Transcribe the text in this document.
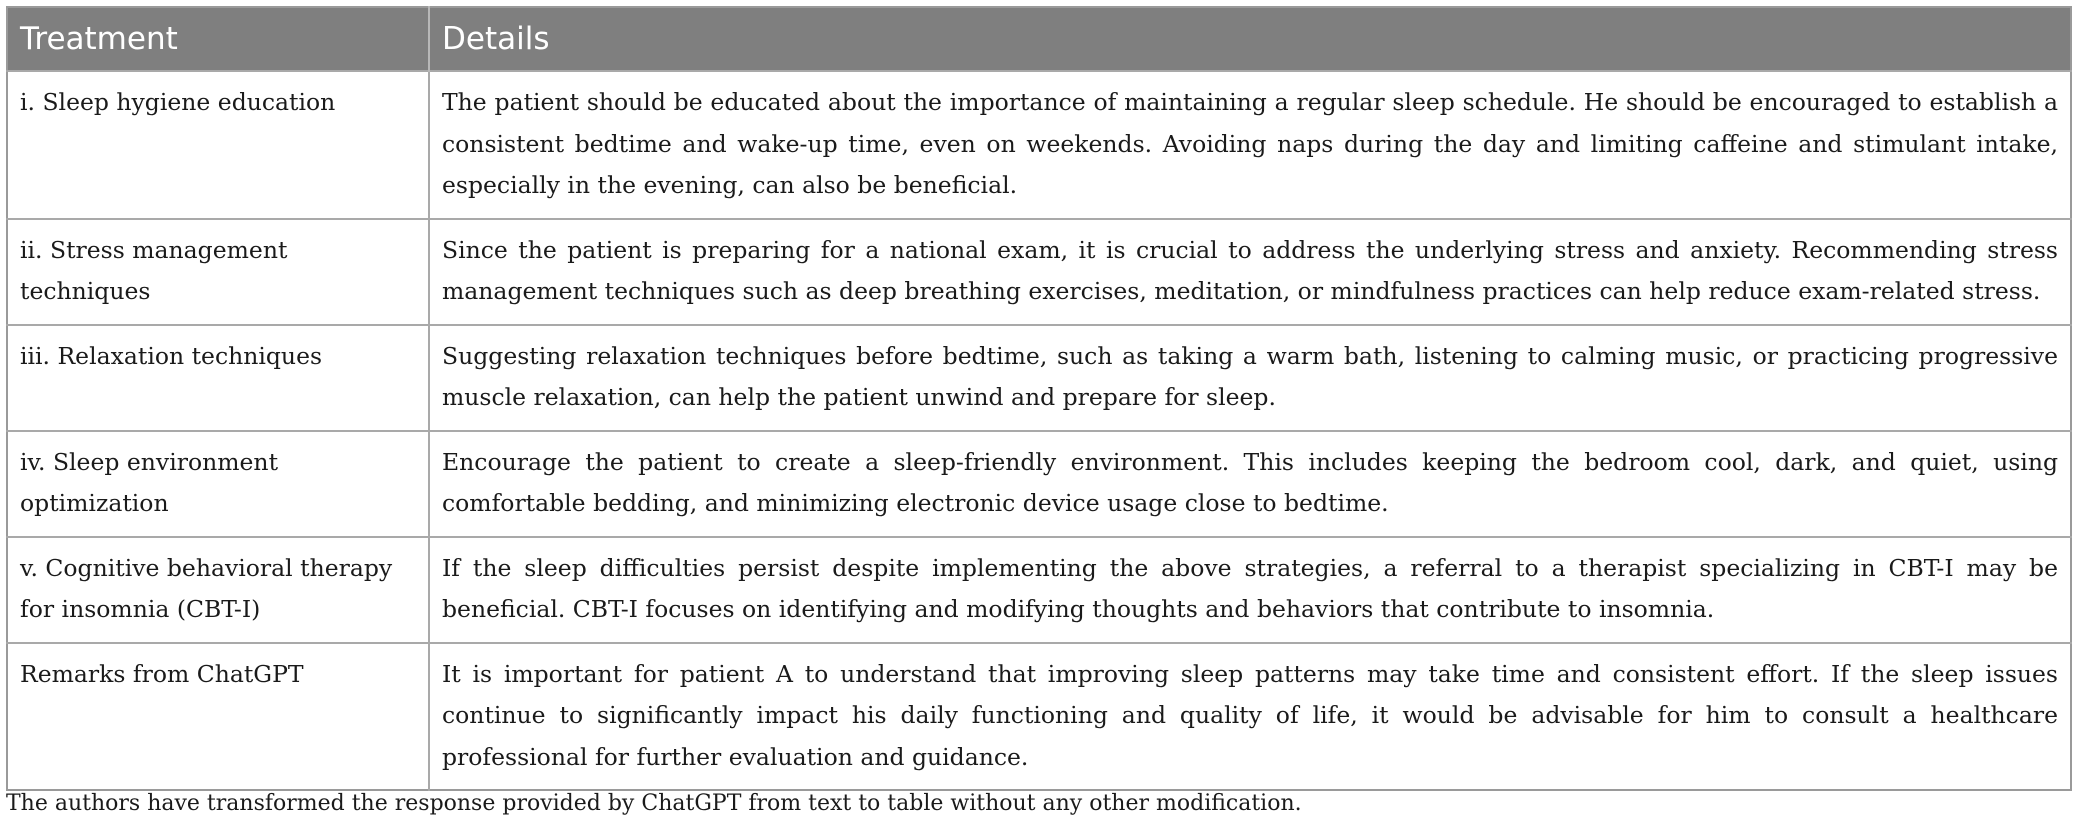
Treatment	Details
i. Sleep hygiene education	The patient should be educated about the importance of maintaining a regular sleep schedule. He should be encouraged to establish a consistent bedtime and wake-up time, even on weekends. Avoiding naps during the day and limiting caffeine and stimulant intake, especially in the evening, can also be beneficial.
ii. Stress management techniques	Since the patient is preparing for a national exam, it is crucial to address the underlying stress and anxiety. Recommending stress management techniques such as deep breathing exercises, meditation, or mindfulness practices can help reduce exam-related stress.
iii. Relaxation techniques	Suggesting relaxation techniques before bedtime, such as taking a warm bath, listening to calming music, or practicing progressive muscle relaxation, can help the patient unwind and prepare for sleep.
iv. Sleep environment optimization	Encourage the patient to create a sleep-friendly environment. This includes keeping the bedroom cool, dark, and quiet, using comfortable bedding, and minimizing electronic device usage close to bedtime.
v. Cognitive behavioral therapy for insomnia (CBT-I)	If the sleep difficulties persist despite implementing the above strategies, a referral to a therapist specializing in CBT-I may be beneficial. CBT-I focuses on identifying and modifying thoughts and behaviors that contribute to insomnia.
Remarks from ChatGPT	It is important for patient A to understand that improving sleep patterns may take time and consistent effort. If the sleep issues continue to significantly impact his daily functioning and quality of life, it would be advisable for him to consult a healthcare professional for further evaluation and guidance.
The authors have transformed the response provided by ChatGPT from text to table without any other modification.
